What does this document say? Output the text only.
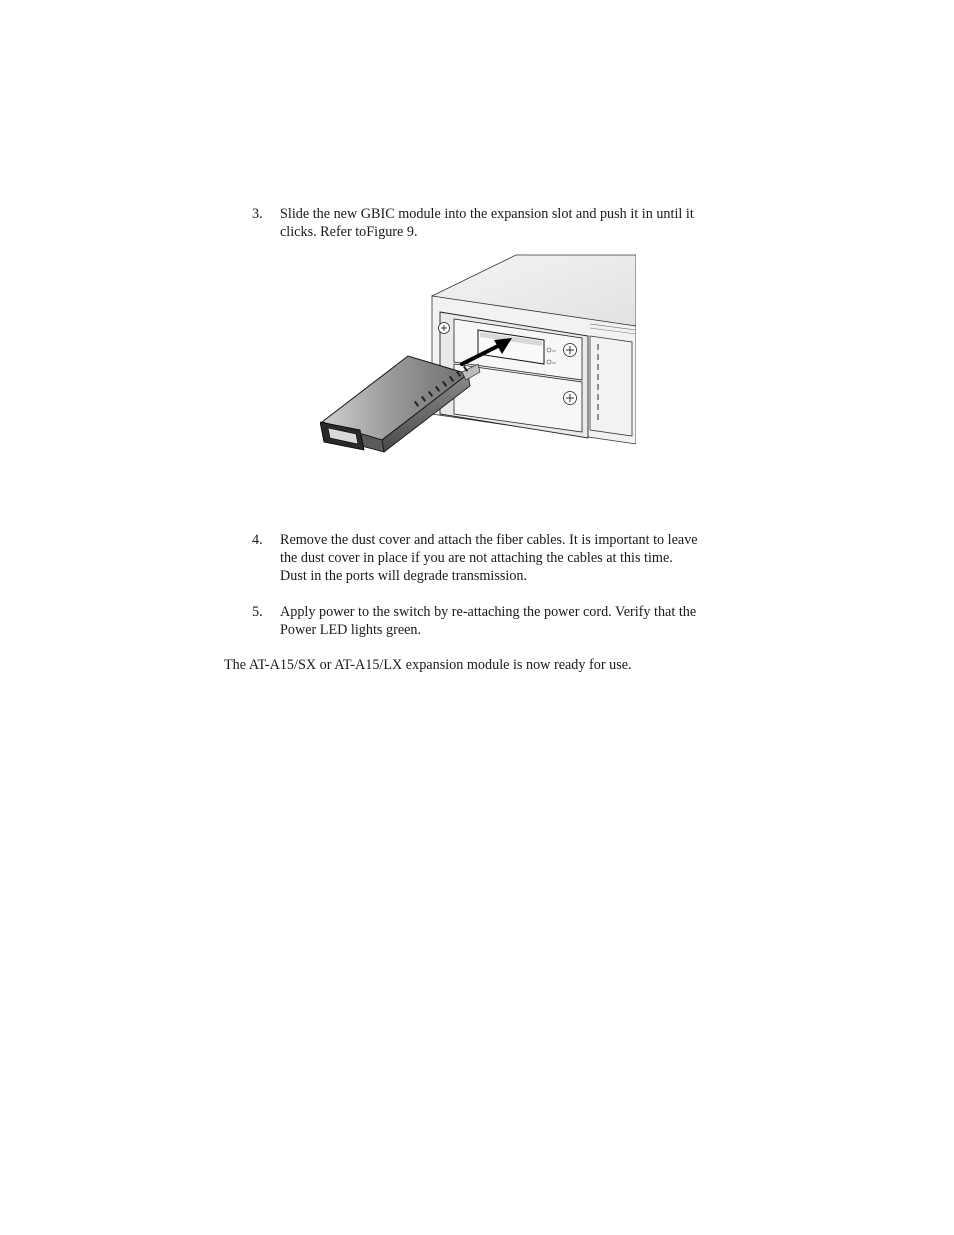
3.	Slide the new GBIC module into the expansion slot and push it in until it
clicks. Refer toFigure 9.
4.	Remove the dust cover and attach the fiber cables. It is important to leave
the dust cover in place if you are not attaching the cables at this time.
Dust in the ports will degrade transmission.
5.	Apply power to the switch by re-attaching the power cord. Verify that the
Power LED lights green.
The AT-A15/SX or AT-A15/LX expansion module is now ready for use.
